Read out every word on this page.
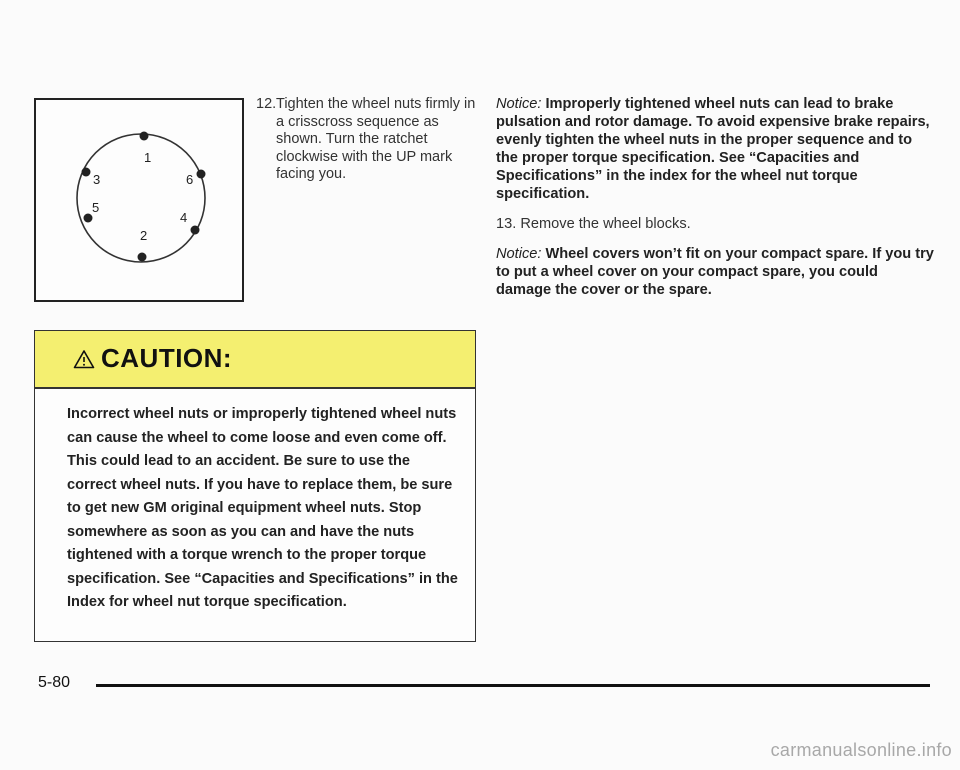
1
2
3
4
5
6
12. Tighten the wheel nuts firmly in a crisscross sequence as shown. Turn the ratchet clockwise with the UP mark facing you.
CAUTION:
Incorrect wheel nuts or improperly tightened wheel nuts can cause the wheel to come loose and even come off. This could lead to an accident. Be sure to use the correct wheel nuts. If you have to replace them, be sure to get new GM original equipment wheel nuts. Stop somewhere as soon as you can and have the nuts tightened with a torque wrench to the proper torque specification. See “Capacities and Specifications” in the Index for wheel nut torque specification.

Notice: Improperly tightened wheel nuts can lead to brake pulsation and rotor damage. To avoid expensive brake repairs, evenly tighten the wheel nuts in the proper sequence and to the proper torque specification. See “Capacities and Specifications” in the index for the wheel nut torque specification.

13. Remove the wheel blocks.

Notice: Wheel covers won’t fit on your compact spare. If you try to put a wheel cover on your compact spare, you could damage the cover or the spare.

5-80
carmanualsonline.info
